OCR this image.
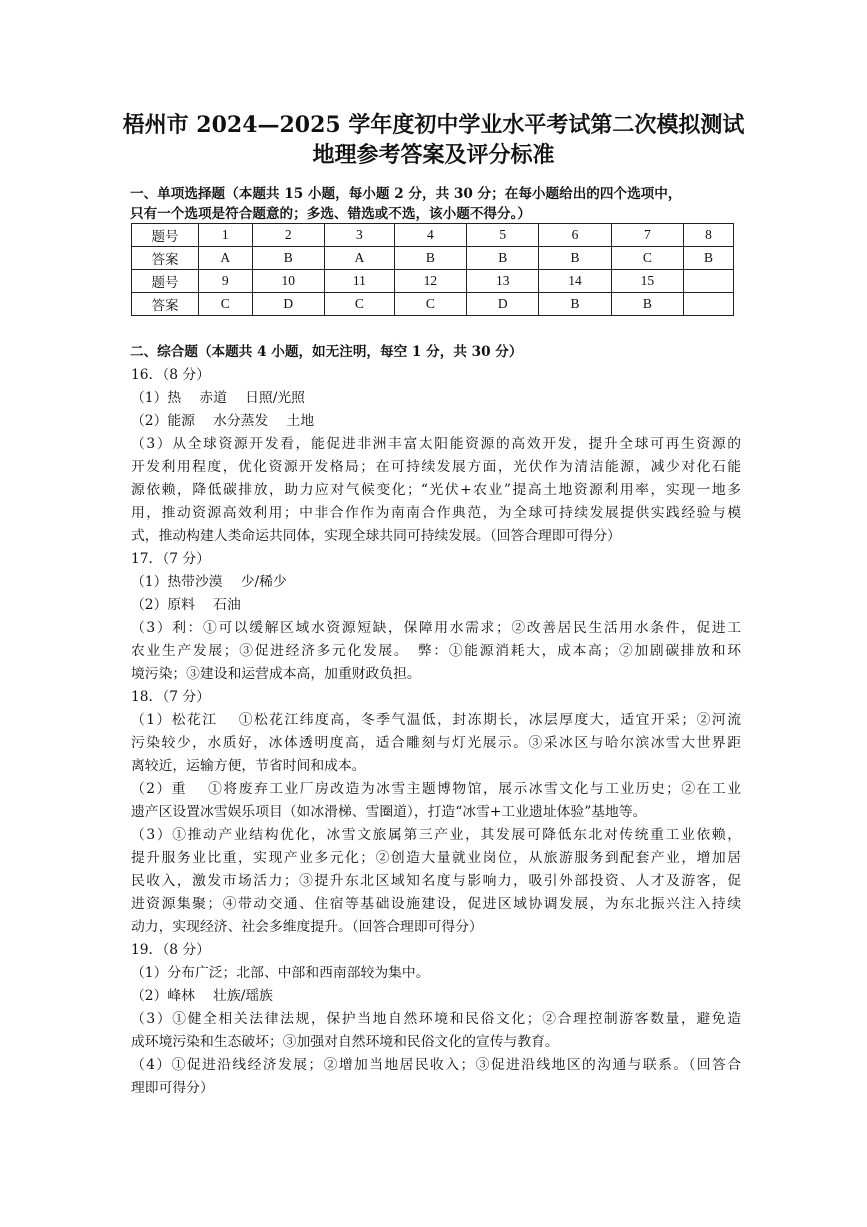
梧州市 2024—2025 学年度初中学业水平考试第二次模拟测试
地理参考答案及评分标准
一、单项选择题（本题共 15 小题，每小题 2 分，共 30 分；在每小题给出的四个选项中，
只有一个选项是符合题意的；多选、错选或不选，该小题不得分。）
题号	1	2	3	4	5	6	7	8
答案	A	B	A	B	B	B	C	B
题号	9	10	11	12	13	14	15	
答案	C	D	C	C	D	B	B	
二、综合题（本题共 4 小题，如无注明，每空 1 分，共 30 分）
16．（8 分）
（1）热　 赤道　 日照/光照
（2）能源　 水分蒸发　 土地
（3）从全球资源开发看，能促进非洲丰富太阳能资源的高效开发，提升全球可再生资源的
开发利用程度，优化资源开发格局；在可持续发展方面，光伏作为清洁能源，减少对化石能
源依赖，降低碳排放，助力应对气候变化；“光伏+农业”提高土地资源利用率，实现一地多
用，推动资源高效利用；中非合作作为南南合作典范，为全球可持续发展提供实践经验与模
式，推动构建人类命运共同体，实现全球共同可持续发展。（回答合理即可得分）
17．（7 分）
（1）热带沙漠　 少/稀少
（2）原料　 石油
（3）利：①可以缓解区域水资源短缺，保障用水需求；②改善居民生活用水条件，促进工
农业生产发展；③促进经济多元化发展。　弊：①能源消耗大，成本高；②加剧碳排放和环
境污染；③建设和运营成本高，加重财政负担。
18．（7 分）
（1）松花江　 ①松花江纬度高，冬季气温低，封冻期长，冰层厚度大，适宜开采；②河流
污染较少，水质好，冰体透明度高，适合雕刻与灯光展示。③采冰区与哈尔滨冰雪大世界距
离较近，运输方便，节省时间和成本。
（2）重　 ①将废弃工业厂房改造为冰雪主题博物馆，展示冰雪文化与工业历史；②在工业
遗产区设置冰雪娱乐项目（如冰滑梯、雪圈道），打造“冰雪+工业遗址体验”基地等。
（3）①推动产业结构优化，冰雪文旅属第三产业，其发展可降低东北对传统重工业依赖，
提升服务业比重，实现产业多元化；②创造大量就业岗位，从旅游服务到配套产业，增加居
民收入，激发市场活力；③提升东北区域知名度与影响力，吸引外部投资、人才及游客，促
进资源集聚；④带动交通、住宿等基础设施建设，促进区域协调发展，为东北振兴注入持续
动力，实现经济、社会多维度提升。（回答合理即可得分）
19．（8 分）
（1）分布广泛；北部、中部和西南部较为集中。
（2）峰林　 壮族/瑶族
（3）①健全相关法律法规，保护当地自然环境和民俗文化；②合理控制游客数量，避免造
成环境污染和生态破坏；③加强对自然环境和民俗文化的宣传与教育。
（4）①促进沿线经济发展；②增加当地居民收入；③促进沿线地区的沟通与联系。（回答合
理即可得分）
